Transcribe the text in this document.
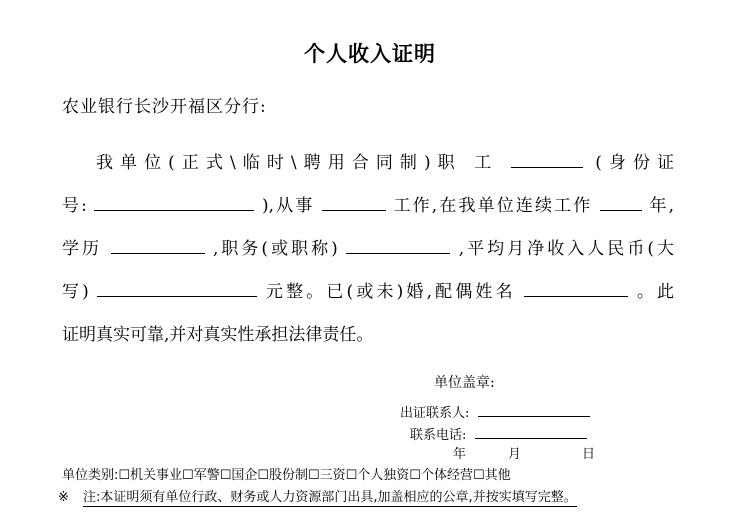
个人收入证明
农业银行长沙开福区分行:
我单位(正式\临时\聘用合同制)职 工	(身份证
号:	),从事	工作,在我单位连续工作	年,
学历	,职务(或职称)	,平均月净收入人民币(大
写)	元整。已(或未)婚,配偶姓名	。此
证明真实可靠,并对真实性承担法律责任。
单位盖章:
出证联系人:
联系电话:
年	月	日
单位类别:☐机关事业☐军警☐国企☐股份制☐三资☐个人独资☐个体经营☐其他
※ 注:本证明须有单位行政、财务或人力资源部门出具,加盖相应的公章,并按实填写完整。
